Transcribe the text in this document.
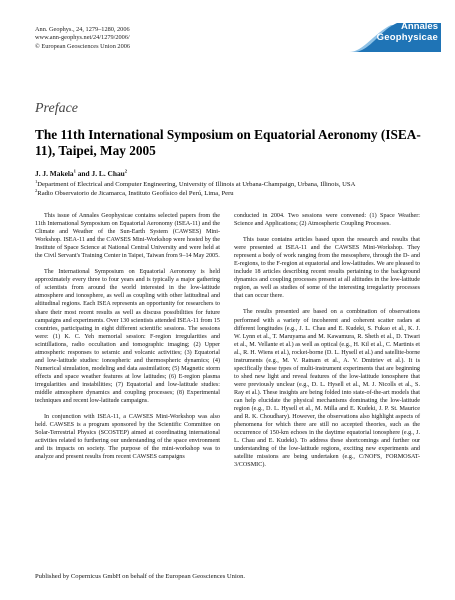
Ann. Geophys., 24, 1279–1280, 2006
www.ann-geophys.net/24/1279/2006/
© European Geosciences Union 2006
Annales
Geophysicae
Preface
The 11th International Symposium on Equatorial Aeronomy (ISEA-11), Taipei, May 2005
J. J. Makela$^1$ and J. L. Chau$^2$
$^1$Department of Electrical and Computer Engineering, University of Illinois at Urbana-Champaign, Urbana, Illinois, USA
$^2$Radio Observatorio de Jicamarca, Instituto Geofísico del Perú, Lima, Peru

This issue of Annales Geophysicae contains selected papers from the 11th International Symposium on Equatorial Aeronomy (ISEA-11) and the Climate and Weather of the Sun-Earth System (CAWSES) Mini-Workshop. ISEA-11 and the CAWSES Mini-Workshop were hosted by the Institute of Space Science at National Central University and were held at the Civil Servant's Training Center in Taipei, Taiwan from 9–14 May 2005.

The International Symposium on Equatorial Aeronomy is held approximately every three to four years and is typically a major gathering of scientists from around the world interested in the low-latitude atmosphere and ionosphere, as well as coupling with other latitudinal and altitudinal regions. Each ISEA represents an opportunity for researchers to share their most recent results as well as discuss possibilities for future campaigns and experiments. Over 130 scientists attended ISEA-11 from 15 countries, participating in eight different scientific sessions. The sessions were: (1) K. C. Yeh memorial session: F-region irregularities and scintillations, radio occultation and tomographic imaging; (2) Upper atmospheric responses to seismic and volcanic activities; (3) Equatorial and low-latitude studies: ionospheric and thermospheric dynamics; (4) Numerical simulation, modeling and data assimilation; (5) Magnetic storm effects and space weather features at low latitudes; (6) E-region plasma irregularities and instabilities; (7) Equatorial and low-latitude studies: middle atmosphere dynamics and coupling processes; (8) Experimental techniques and recent low-latitude campaigns.

In conjunction with ISEA-11, a CAWSES Mini-Workshop was also held. CAWSES is a program sponsored by the Scientific Committee on Solar-Terrestrial Physics (SCOSTEP) aimed at coordinating international activities related to furthering our understanding of the space environment and its impacts on society. The purpose of the mini-workshop was to analyze and present results from recent CAWSES campaigns

conducted in 2004. Two sessions were convened: (1) Space Weather: Science and Applications; (2) Atmospheric Coupling Processes.

This issue contains articles based upon the research and results that were presented at ISEA-11 and the CAWSES Mini-Workshop. They represent a body of work ranging from the mesosphere, through the D- and E-regions, to the F-region at equatorial and low-latitudes. We are pleased to include 18 articles describing recent results pertaining to the background dynamics and coupling processes present at all altitudes in the low-latitude region, as well as studies of some of the interesting irregularity processes that can occur there.

The results presented are based on a combination of observations performed with a variety of incoherent and coherent scatter radars at different longitudes (e.g., J. L. Chau and E. Kudeki, S. Fukao et al., K. J. W. Lynn et al., T. Maruyama and M. Kawamura, R. Sheth et al., D. Tiwari et al., M. Vellante et al.) as well as optical (e.g., H. Kil et al., C. Martinis et al., R. H. Wiens et al.), rocket-borne (D. L. Hysell et al.) and satellite-borne instruments (e.g., M. V. Ratnam et al., A. V. Dmitriev et al.). It is specifically these types of multi-instrument experiments that are beginning to shed new light and reveal features of the low-latitude ionosphere that were previously unclear (e.g., D. L. Hysell et al., M. J. Nicolls et al., S. Ray et al.). These insights are being folded into state-of-the-art models that can help elucidate the physical mechanisms dominating the low-latitude region (e.g., D. L. Hysell et al., M. Milla and E. Kudeki, J. P. St. Maurice and R. K. Choudhary). However, the observations also highlight aspects of phenomena for which there are still no accepted theories, such as the occurrence of 150-km echoes in the daytime equatorial ionosphere (e.g., J. L. Chau and E. Kudeki). To address these shortcomings and further our understanding of the low-latitude regions, exciting new experiments and satellite missions are being undertaken (e.g., C/NOFS, FORMOSAT-3/COSMIC).

Published by Copernicus GmbH on behalf of the European Geosciences Union.
